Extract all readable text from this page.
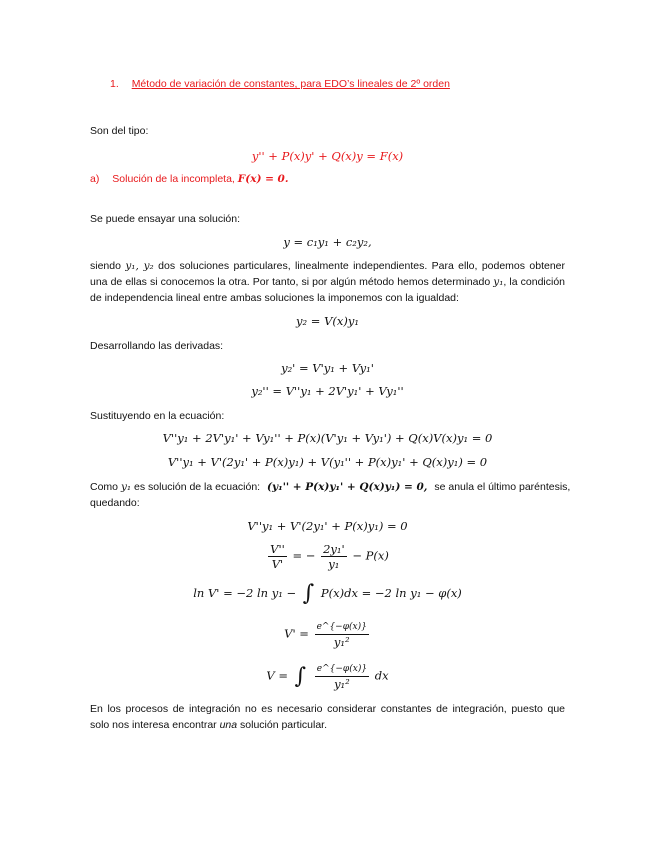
1. Método de variación de constantes, para EDO’s lineales de 2º orden
Son del tipo:
y'' + P(x)y' + Q(x)y = F(x)
a) Solución de la incompleta, F(x) = 0.
Se puede ensayar una solución:
y = c₁y₁ + c₂y₂,
siendo y₁, y₂ dos soluciones particulares, linealmente independientes. Para ello, podemos obtener una de ellas si conocemos la otra. Por tanto, si por algún método hemos determinado y₁, la condición de independencia lineal entre ambas soluciones la imponemos con la igualdad:
y₂ = V(x)y₁
Desarrollando las derivadas:
y₂' = V'y₁ + Vy₁'
y₂'' = V''y₁ + 2V'y₁' + Vy₁''
Sustituyendo en la ecuación:
V''y₁ + 2V'y₁' + Vy₁'' + P(x)(V'y₁ + Vy₁') + Q(x)V(x)y₁ = 0
V''y₁ + V'(2y₁' + P(x)y₁) + V(y₁'' + P(x)y₁' + Q(x)y₁) = 0
Como y₁ es solución de la ecuación: (y₁'' + P(x)y₁' + Q(x)y₁) = 0, se anula el último paréntesis,
quedando:
V''y₁ + V'(2y₁' + P(x)y₁) = 0
$\frac{V''}{V'}$ = − $\frac{\text{2y₁'}}{\text{y₁}} - P(x)$
ln V' = −2 ln y₁ − ∫ P(x)dx = −2 ln y₁ − φ(x)
$V' = \frac{e\^{}\{-\varphi(x)\}}{\text{y₁²}}$
V = ∫ $\frac{e\^{}\{-\varphi(x)\}}{\text{y₁²}}$ dx
En los procesos de integración no es necesario considerar constantes de integración, puesto que solo nos interesa encontrar una solución particular.
